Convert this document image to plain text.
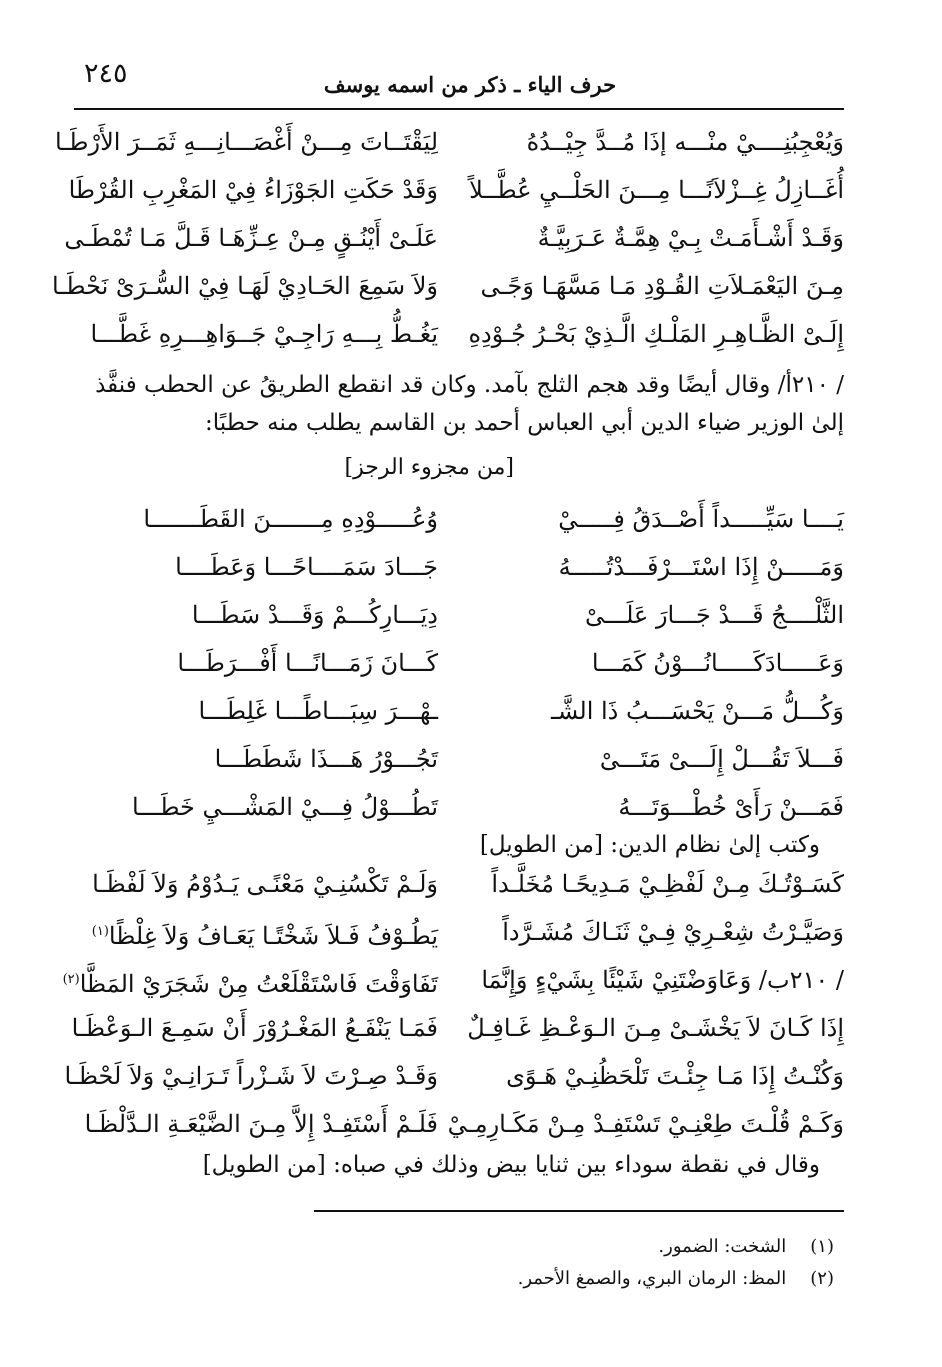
٢٤٥	حرف الياء ـ ذكر من اسمه يوسف
وَيُعْجِبُنِــــيْ منْـــه إذَا مُــدَّ جِيْــدُهُ
لِيَقْتَــاتَ مِـــنْ أَغْصَـــانِـــهِ ثَمَــرَ الأَرْطَـا
أُغَــازِلُ غِــزْلاَنًـــا مِـــنَ الحَلْــيِ عُطَّــلاً
وَقَدْ حَكَتِ الجَوْزَاءُ فِيْ المَغْرِبِ القُرْطَا
وَقَـدْ أَشْـأَمَـتْ بِـيْ هِمَّـةٌ عَـرَبِيَّـةٌ
عَلَـىْ أَيْنُـقٍ مِـنْ عِـزِّهَـا قَـلَّ مَـا تُمْطَـى
مِـنَ اليَعْمَـلاَتِ القُـوْدِ مَـا مَسَّهَـا وَجًـى
وَلاَ سَمِعَ الحَـادِيْ لَهَـا فِيْ السُّـرَىْ نَحْطَـا
إِلَـىْ الظَّـاهِـرِ المَلْـكِ الَّـذِيْ بَحْـرُ جُـوْدِهِ
يَغُـطُّ بِـــهِ رَاجِـيْ جَــوَاهِـــرِهِ غَطَّـــا
/ ٢١٠أ/ وقال أيضًا وقد هجم الثلج بآمد. وكان قد انقطع الطريقُ عن الحطب فنفَّذ إلىٰ الوزير ضياء الدين أبي العباس أحمد بن القاسم يطلب منه حطبًا:
[من مجزوء الرجز]
يَــــا سَيِّـــــداً أَصْــدَقُ فِـــــيْ
وُعُـــــوْدِهِ مِـــــــنَ القَطَـــــــا
وَمَـــــنْ إِذَا اسْتَـــرْفَـــدْتُـــــهُ
جَـــادَ سَمَــــاحًـــا وَعَطَــــا
الثَّلْــــجُ قَـــدْ جَـــارَ عَلَـــىْ
دِيَـــارِكُـــمْ وَقَـــدْ سَطَـــا
وَعَـــــادَكَـــــانُـــوْنُ كَمَـــا
كَـــانَ زَمَـــانًـــا أَفْـــرَطَـــا
وَكُـــلُّ مَـــنْ يَحْسَـــبُ ذَا الشَّـ
ـهْـــرَ سِبَـــاطًـــا غَلِطَـــا
فَـــلاَ تَقُـــلْ إِلَـــىْ مَتَـــىْ
تَجُـــوْرُ هَـــذَا شَطَطَـــا
فَمَـــنْ رَأَىْ خُطْـــوَتَـــهُ
تَطُـــوْلُ فِـــيْ المَشْـــيِ خَطَـــا
وكتب إلىٰ نظام الدين: [من الطويل]
كَسَـوْتُـكَ مِـنْ لَفْظِـيْ مَـدِيحًـا مُخَلَّـداً
وَلَـمْ تَكْسُنِـيْ مَعْنًـى يَـدُوْمُ وَلاَ لَفْظَـا
وَصَيَّـرْتُ شِعْـرِيْ فِـيْ ثَنَـاكَ مُشَـرَّداً
يَطُـوْفُ فَـلاَ شَخْتًـا يَعَـافُ وَلاَ غِلْظًا$^{(١)}$
/ ٢١٠ب/ وَعَاوَضْتَنِيْ شَيْئًا بِشَيْءٍ وَإِنَّمَا
تَفَاوَقْتَ فَاسْتَقْلَعْتُ مِنْ شَجَرَيْ المَظَّا$^{(٢)}$
إِذَا كَـانَ لاَ يَخْشَـىْ مِـنَ الـوَعْـظِ غَـافِـلٌ
فَمَـا يَنْفَـعُ المَغْـرُوْرَ أَنْ سَمِـعَ الـوَعْظَـا
وَكُنْـتُ إِذَا مَـا جِئْـتَ تَلْحَظُنِـيْ هَـوًى
وَقَـدْ صِـرْتَ لاَ شَـزْراً تَـرَانِـيْ وَلاَ لَحْظَـا
وَكَـمْ قُلْـتَ طِعْنِـيْ تَسْتَفِـدْ مِـنْ مَكَـارِمِـيْ
فَلَـمْ أَسْتَفِـدْ إِلاَّ مِـنَ الضَّيْعَـةِ الـدَّلْظَـا
وقال في نقطة سوداء بين ثنايا بيض وذلك في صباه: [من الطويل]
(١) الشخت: الضمور.
(٢) المظ: الرمان البري، والصمغ الأحمر.
